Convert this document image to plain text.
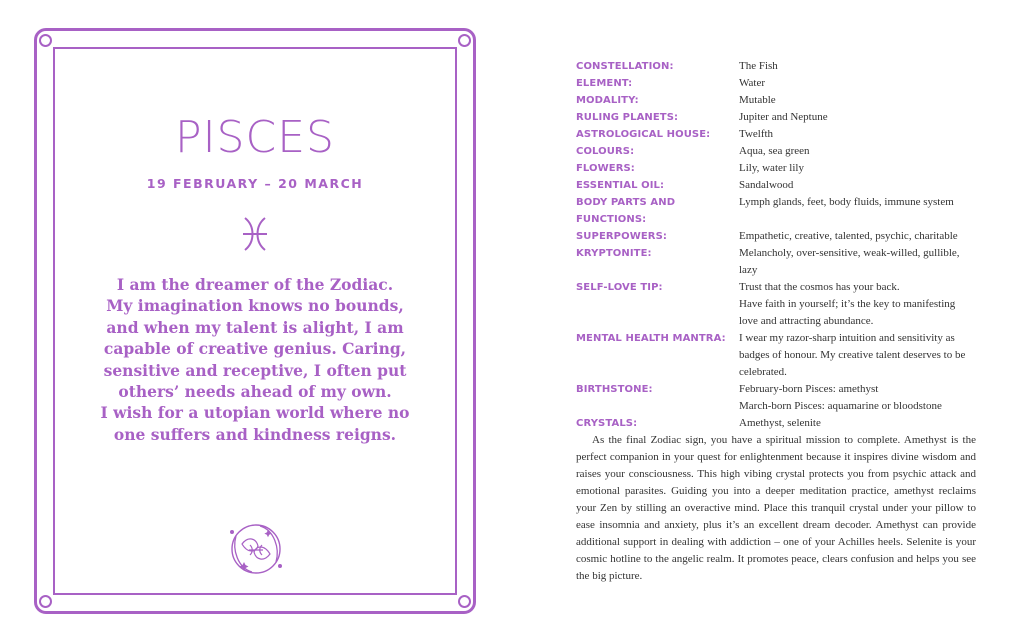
PISCES
19 FEBRUARY – 20 MARCH
I am the dreamer of the Zodiac.
My imagination knows no bounds,
and when my talent is alight, I am
capable of creative genius. Caring,
sensitive and receptive, I often put
others’ needs ahead of my own.
I wish for a utopian world where no
one suffers and kindness reigns.
CONSTELLATION:	The Fish
ELEMENT:	Water
MODALITY:	Mutable
RULING PLANETS:	Jupiter and Neptune
ASTROLOGICAL HOUSE:	Twelfth
COLOURS:	Aqua, sea green
FLOWERS:	Lily, water lily
ESSENTIAL OIL:	Sandalwood
BODY PARTS AND FUNCTIONS:
Lymph glands, feet, body fluids, immune system
SUPERPOWERS:	Empathetic, creative, talented, psychic, charitable
KRYPTONITE:	Melancholy, over-sensitive, weak-willed, gullible, lazy
SELF-LOVE TIP:	Trust that the cosmos has your back.
Have faith in yourself; it’s the key to manifesting love and attracting abundance.
MENTAL HEALTH MANTRA:	I wear my razor-sharp intuition and sensitivity as badges of honour. My creative talent deserves to be celebrated.
BIRTHSTONE:	February-born Pisces: amethyst
March-born Pisces: aquamarine or bloodstone
CRYSTALS:	Amethyst, selenite

As the final Zodiac sign, you have a spiritual mission to complete. Amethyst is the perfect companion in your quest for enlightenment because it inspires divine wisdom and raises your consciousness. This high vibing crystal protects you from psychic attack and emotional parasites. Guiding you into a deeper meditation practice, amethyst reclaims your Zen by stilling an overactive mind. Place this tranquil crystal under your pillow to ease insomnia and anxiety, plus it’s an excellent dream decoder. Amethyst can provide additional support in dealing with addiction – one of your Achilles heels. Selenite is your cosmic hotline to the angelic realm. It promotes peace, clears confusion and helps you see the big picture.
